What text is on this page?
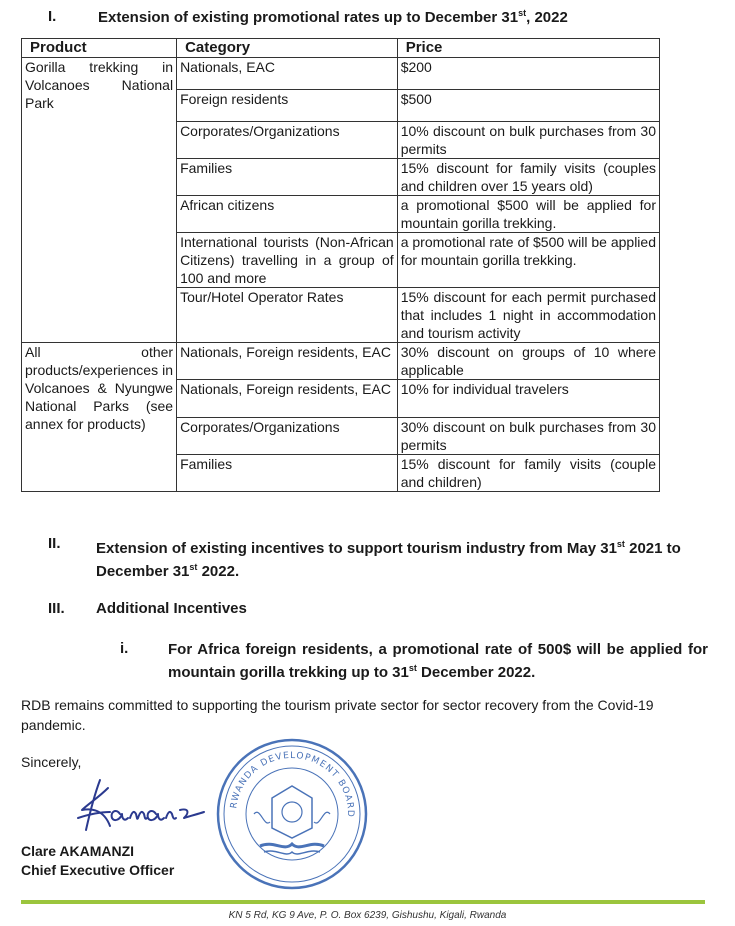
I.	Extension of existing promotional rates up to December 31st, 2022
Product	Category	Price
Gorilla trekking in Volcanoes National Park	Nationals, EAC	$200
	Foreign residents	$500
	Corporates/Organizations	10% discount on bulk purchases from 30 permits
	Families	15% discount for family visits (couples and children over 15 years old)
	African citizens	a promotional $500 will be applied for mountain gorilla trekking.
	International tourists (Non-African Citizens) travelling in a group of 100 and more	a promotional rate of $500 will be applied for mountain gorilla trekking.
	Tour/Hotel Operator Rates	15% discount for each permit purchased that includes 1 night in accommodation and tourism activity
All other products/experiences in Volcanoes & Nyungwe National Parks (see annex for products)	Nationals, Foreign residents, EAC	30% discount on groups of 10 where applicable
	Nationals, Foreign residents, EAC	10% for individual travelers
	Corporates/Organizations	30% discount on bulk purchases from 30 permits
	Families	15% discount for family visits (couple and children)
II. Extension of existing incentives to support tourism industry from May 31st 2021 to December 31st 2022.
III. Additional Incentives
i.	For Africa foreign residents, a promotional rate of 500$ will be applied for mountain gorilla trekking up to 31st December 2022.
RDB remains committed to supporting the tourism private sector for sector recovery from the Covid-19 pandemic.
Sincerely,
RWANDA DEVELOPMENT BOARD
Clare AKAMANZI
Chief Executive Officer
KN 5 Rd, KG 9 Ave, P. O. Box 6239, Gishushu, Kigali, Rwanda
